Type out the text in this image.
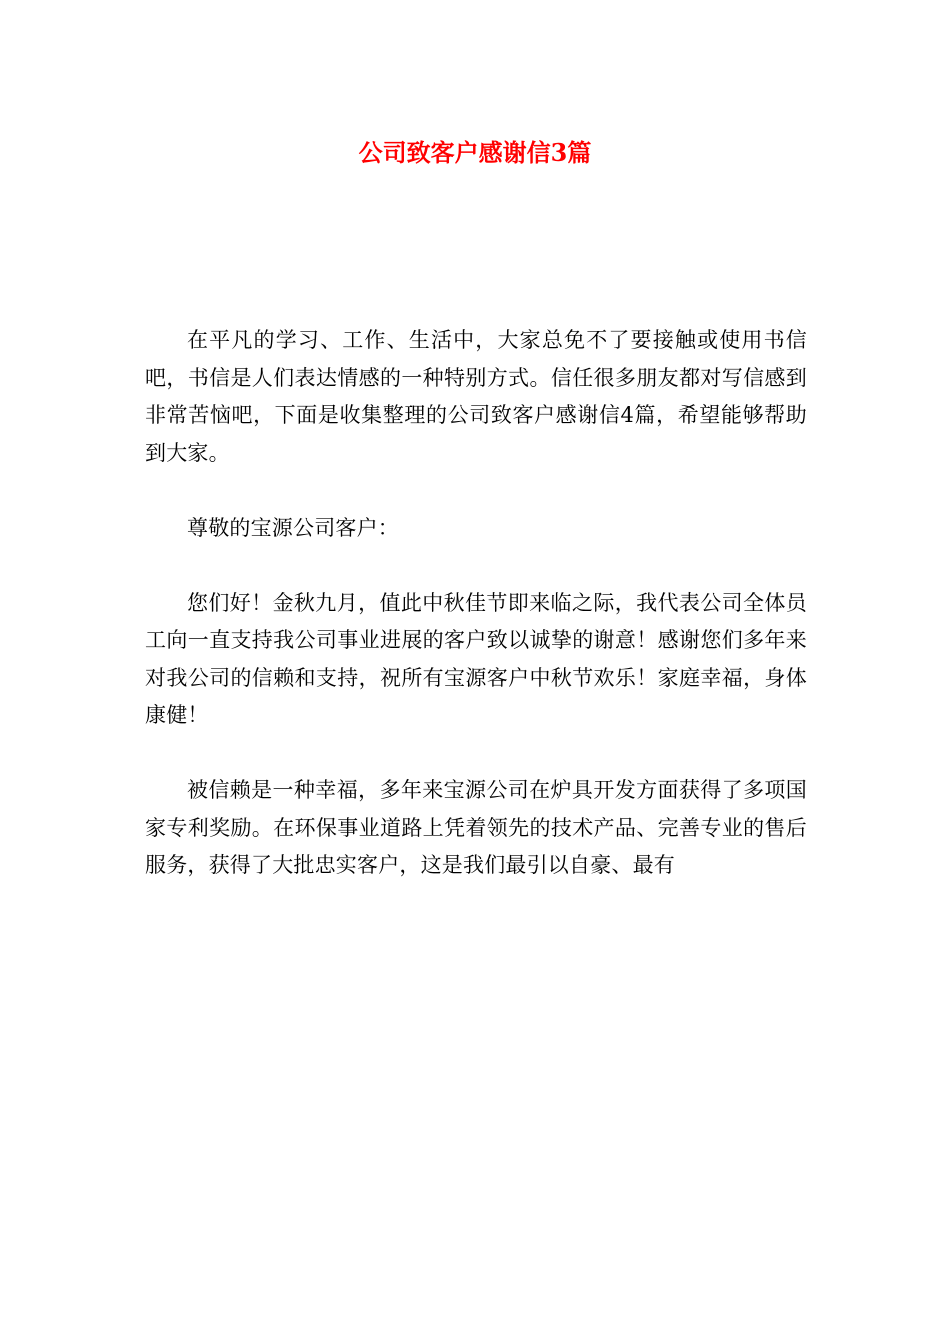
公司致客户感谢信3篇

在平凡的学习、工作、生活中，大家总免不了要接触或使用书信吧，书信是人们表达情感的一种特别方式。信任很多朋友都对写信感到非常苦恼吧，下面是收集整理的公司致客户感谢信4篇，希望能够帮助到大家。

尊敬的宝源公司客户：

您们好！金秋九月，值此中秋佳节即来临之际，我代表公司全体员工向一直支持我公司事业进展的客户致以诚挚的谢意！感谢您们多年来对我公司的信赖和支持，祝所有宝源客户中秋节欢乐！家庭幸福，身体康健！

被信赖是一种幸福，多年来宝源公司在炉具开发方面获得了多项国家专利奖励。在环保事业道路上凭着领先的技术产品、完善专业的售后服务，获得了大批忠实客户，这是我们最引以自豪、最有
